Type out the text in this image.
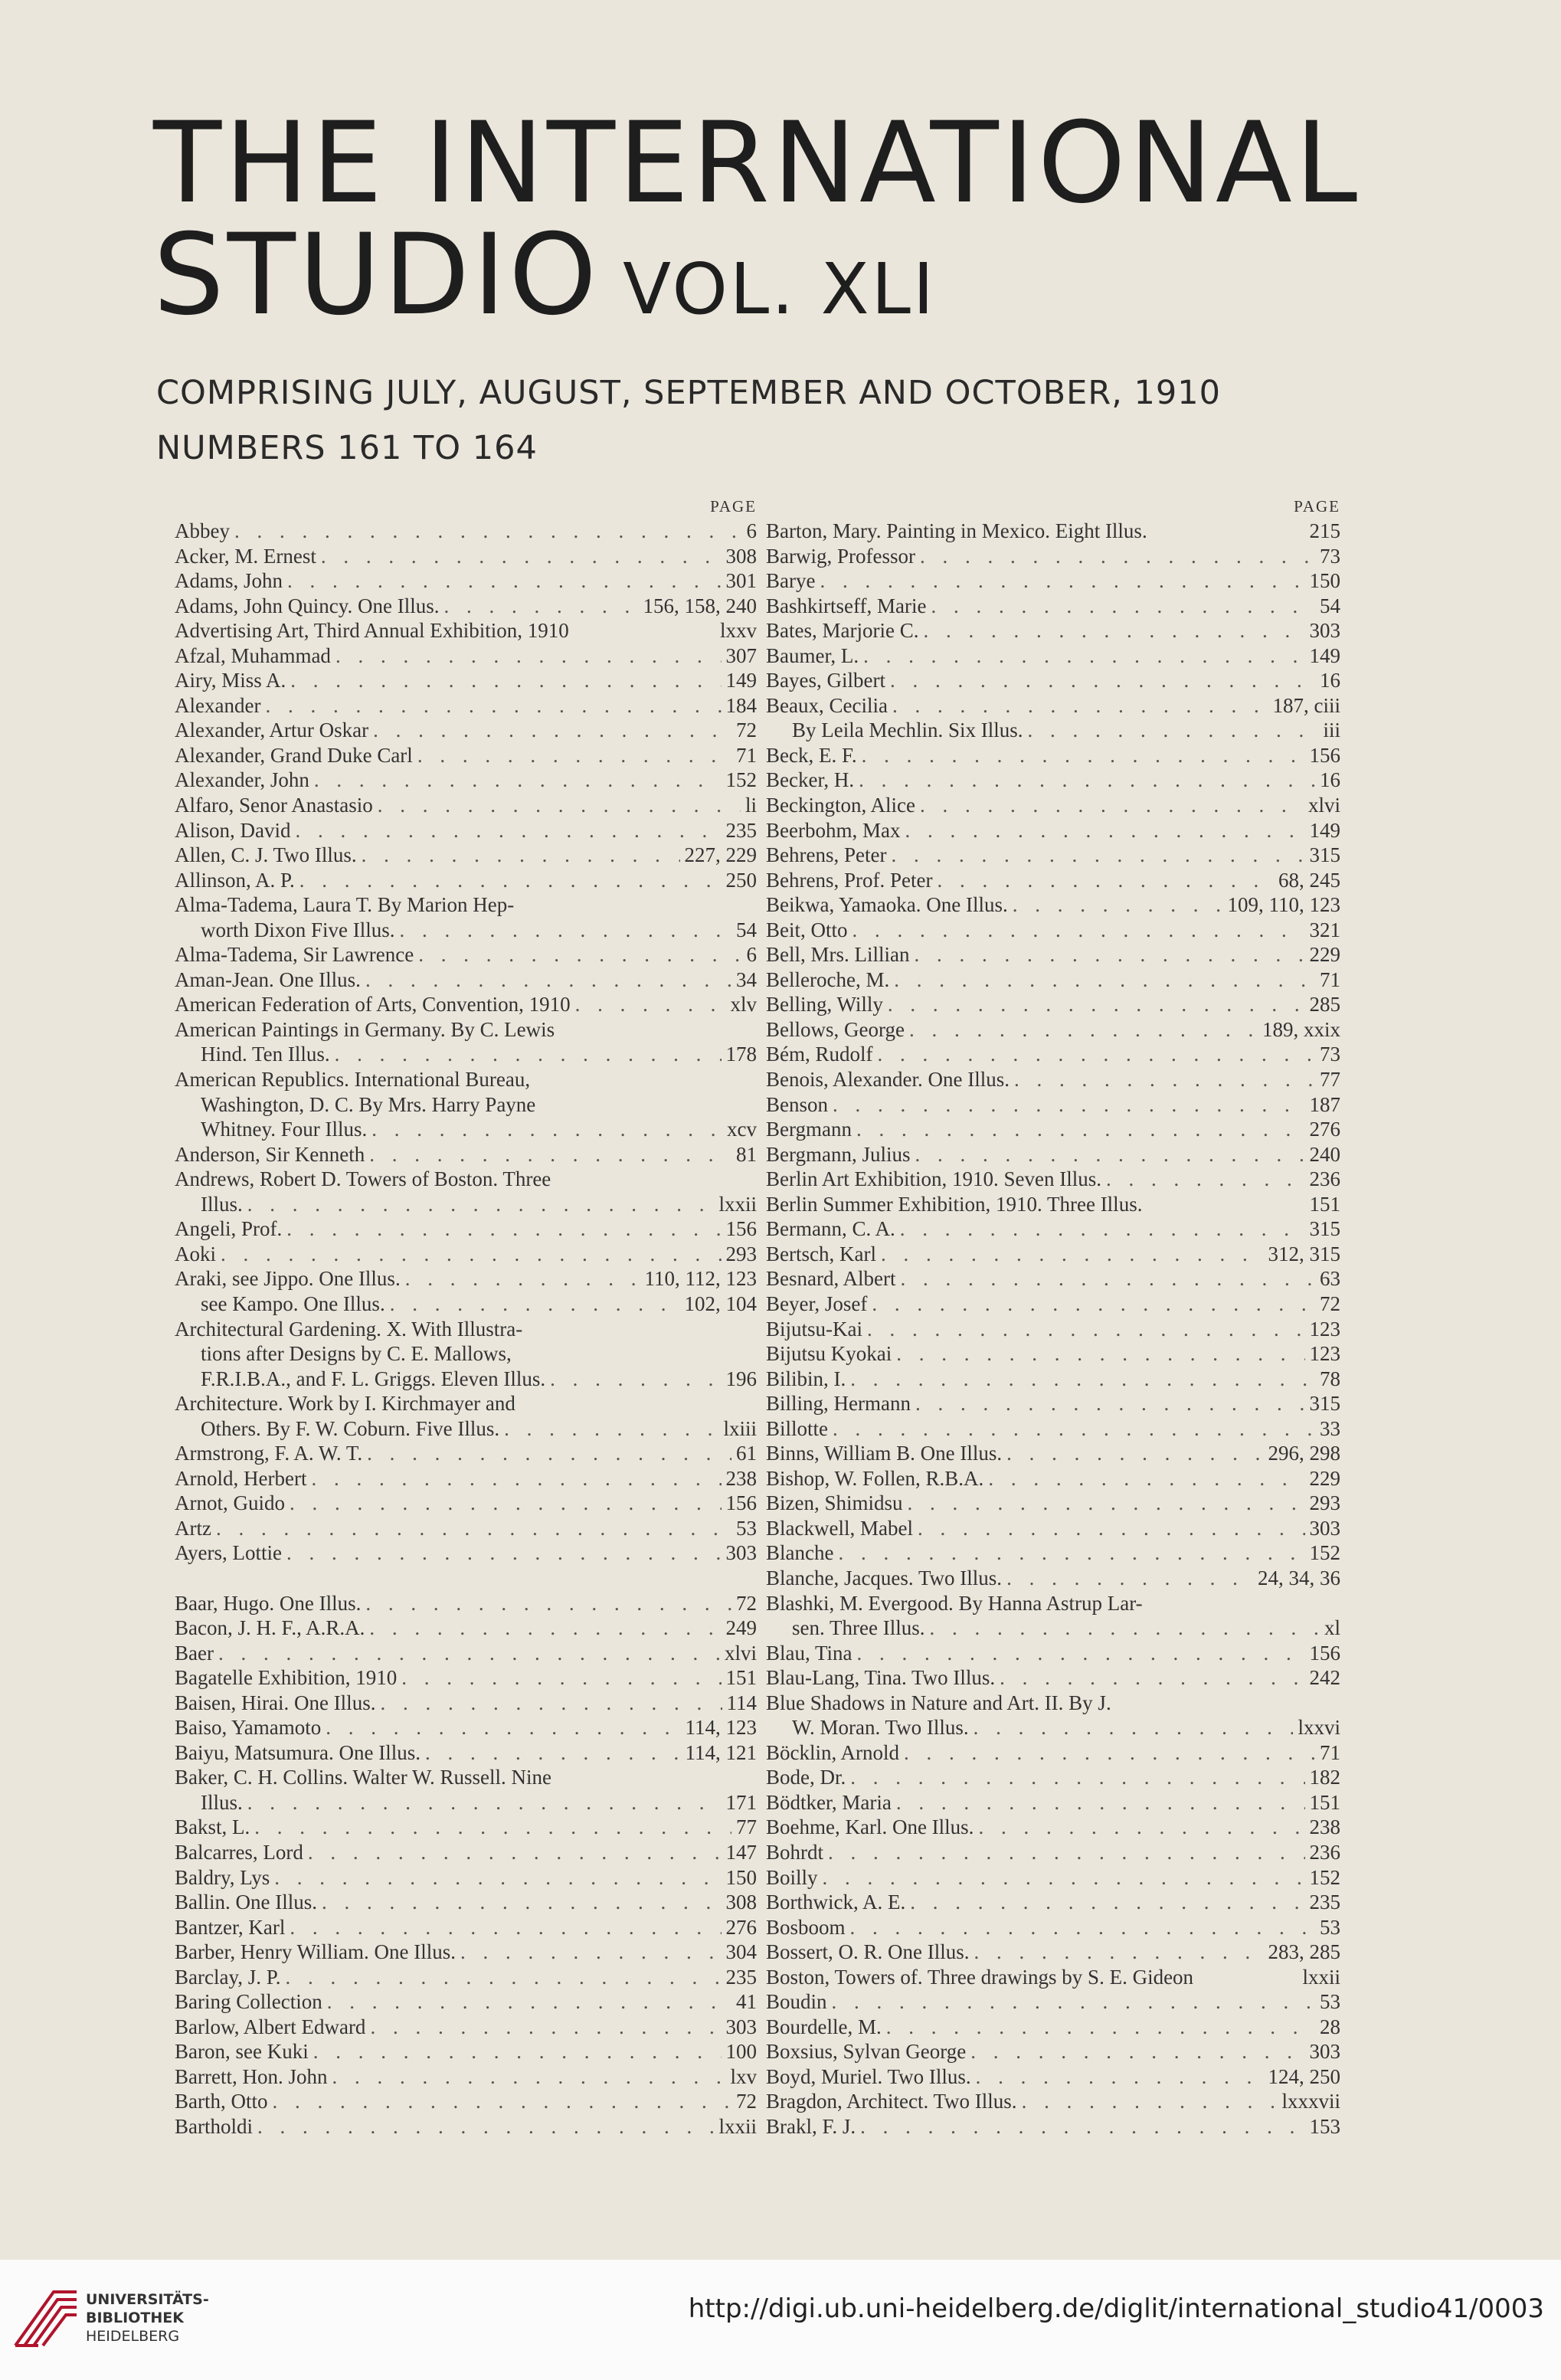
THE INTERNATIONAL
STUDIO VOL. XLI
COMPRISING JULY, AUGUST, SEPTEMBER AND OCTOBER, 1910
NUMBERS 161 TO 164
PAGE
Abbey . . .	6
Acker, M. Ernest . . .	308
Adams, John . . .	301
Adams, John Quincy. One Illus. . . .	156, 158, 240
Advertising Art, Third Annual Exhibition, 1910	lxxv
Afzal, Muhammad . . .	307
Airy, Miss A. . . .	149
Alexander . . .	184
Alexander, Artur Oskar . . .	72
Alexander, Grand Duke Carl . . .	71
Alexander, John . . .	152
Alfaro, Senor Anastasio . . .	li
Alison, David . . .	235
Allen, C. J. Two Illus. . . .	227, 229
Allinson, A. P. . . .	250
Alma-Tadema, Laura T. By Marion Hep-
worth Dixon Five Illus. . . .	54
Alma-Tadema, Sir Lawrence . . .	6
Aman-Jean. One Illus. . . .	34
American Federation of Arts, Convention, 1910 . . .	xlv
American Paintings in Germany. By C. Lewis
Hind. Ten Illus. . . .	178
American Republics. International Bureau,
Washington, D. C. By Mrs. Harry Payne
Whitney. Four Illus. . . .	xcv
Anderson, Sir Kenneth . . .	81
Andrews, Robert D. Towers of Boston. Three
Illus. . . .	lxxii
Angeli, Prof. . . .	156
Aoki . . .	293
Araki, see Jippo. One Illus. . . .	110, 112, 123
see Kampo. One Illus. . . .	102, 104
Architectural Gardening. X. With Illustra-
tions after Designs by C. E. Mallows,
F.R.I.B.A., and F. L. Griggs. Eleven Illus. . . .	196
Architecture. Work by I. Kirchmayer and
Others. By F. W. Coburn. Five Illus. . . .	lxiii
Armstrong, F. A. W. T. . . .	61
Arnold, Herbert . . .	238
Arnot, Guido . . .	156
Artz . . .	53
Ayers, Lottie . . .	303
Baar, Hugo. One Illus. . . .	72
Bacon, J. H. F., A.R.A. . . .	249
Baer . . .	xlvi
Bagatelle Exhibition, 1910 . . .	151
Baisen, Hirai. One Illus. . . .	114
Baiso, Yamamoto . . .	114, 123
Baiyu, Matsumura. One Illus. . . .	114, 121
Baker, C. H. Collins. Walter W. Russell. Nine
Illus. . . .	171
Bakst, L. . . .	77
Balcarres, Lord . . .	147
Baldry, Lys . . .	150
Ballin. One Illus. . . .	308
Bantzer, Karl . . .	276
Barber, Henry William. One Illus. . . .	304
Barclay, J. P. . . .	235
Baring Collection . . .	41
Barlow, Albert Edward . . .	303
Baron, see Kuki . . .	100
Barrett, Hon. John . . .	lxv
Barth, Otto . . .	72
Bartholdi . . .	lxxii
PAGE
Barton, Mary. Painting in Mexico. Eight Illus.	215
Barwig, Professor . . .	73
Barye . . .	150
Bashkirtseff, Marie . . .	54
Bates, Marjorie C. . . .	303
Baumer, L. . . .	149
Bayes, Gilbert . . .	16
Beaux, Cecilia . . .	187, ciii
By Leila Mechlin. Six Illus. . . .	iii
Beck, E. F. . . .	156
Becker, H. . . .	16
Beckington, Alice . . .	xlvi
Beerbohm, Max . . .	149
Behrens, Peter . . .	315
Behrens, Prof. Peter . . .	68, 245
Beikwa, Yamaoka. One Illus. . . .	109, 110, 123
Beit, Otto . . .	321
Bell, Mrs. Lillian . . .	229
Belleroche, M. . . .	71
Belling, Willy . . .	285
Bellows, George . . .	189, xxix
Bém, Rudolf . . .	73
Benois, Alexander. One Illus. . . .	77
Benson . . .	187
Bergmann . . .	276
Bergmann, Julius . . .	240
Berlin Art Exhibition, 1910. Seven Illus. . . .	236
Berlin Summer Exhibition, 1910. Three Illus.	151
Bermann, C. A. . . .	315
Bertsch, Karl . . .	312, 315
Besnard, Albert . . .	63
Beyer, Josef . . .	72
Bijutsu-Kai . . .	123
Bijutsu Kyokai . . .	123
Bilibin, I. . . .	78
Billing, Hermann . . .	315
Billotte . . .	33
Binns, William B. One Illus. . . .	296, 298
Bishop, W. Follen, R.B.A. . . .	229
Bizen, Shimidsu . . .	293
Blackwell, Mabel . . .	303
Blanche . . .	152
Blanche, Jacques. Two Illus. . . .	24, 34, 36
Blashki, M. Evergood. By Hanna Astrup Lar-
sen. Three Illus. . . .	xl
Blau, Tina . . .	156
Blau-Lang, Tina. Two Illus. . . .	242
Blue Shadows in Nature and Art. II. By J.
W. Moran. Two Illus. . . .	lxxvi
Böcklin, Arnold . . .	71
Bode, Dr. . . .	182
Bödtker, Maria . . .	151
Boehme, Karl. One Illus. . . .	238
Bohrdt . . .	236
Boilly . . .	152
Borthwick, A. E. . . .	235
Bosboom . . .	53
Bossert, O. R. One Illus. . . .	283, 285
Boston, Towers of. Three drawings by S. E. Gideon	lxxii
Boudin . . .	53
Bourdelle, M. . . .	28
Boxsius, Sylvan George . . .	303
Boyd, Muriel. Two Illus. . . .	124, 250
Bragdon, Architect. Two Illus. . . .	lxxxvii
Brakl, F. J. . . .	153
UNIVERSITÄTS-
BIBLIOTHEK
HEIDELBERG
http://digi.ub.uni-heidelberg.de/diglit/international_studio41/0003
